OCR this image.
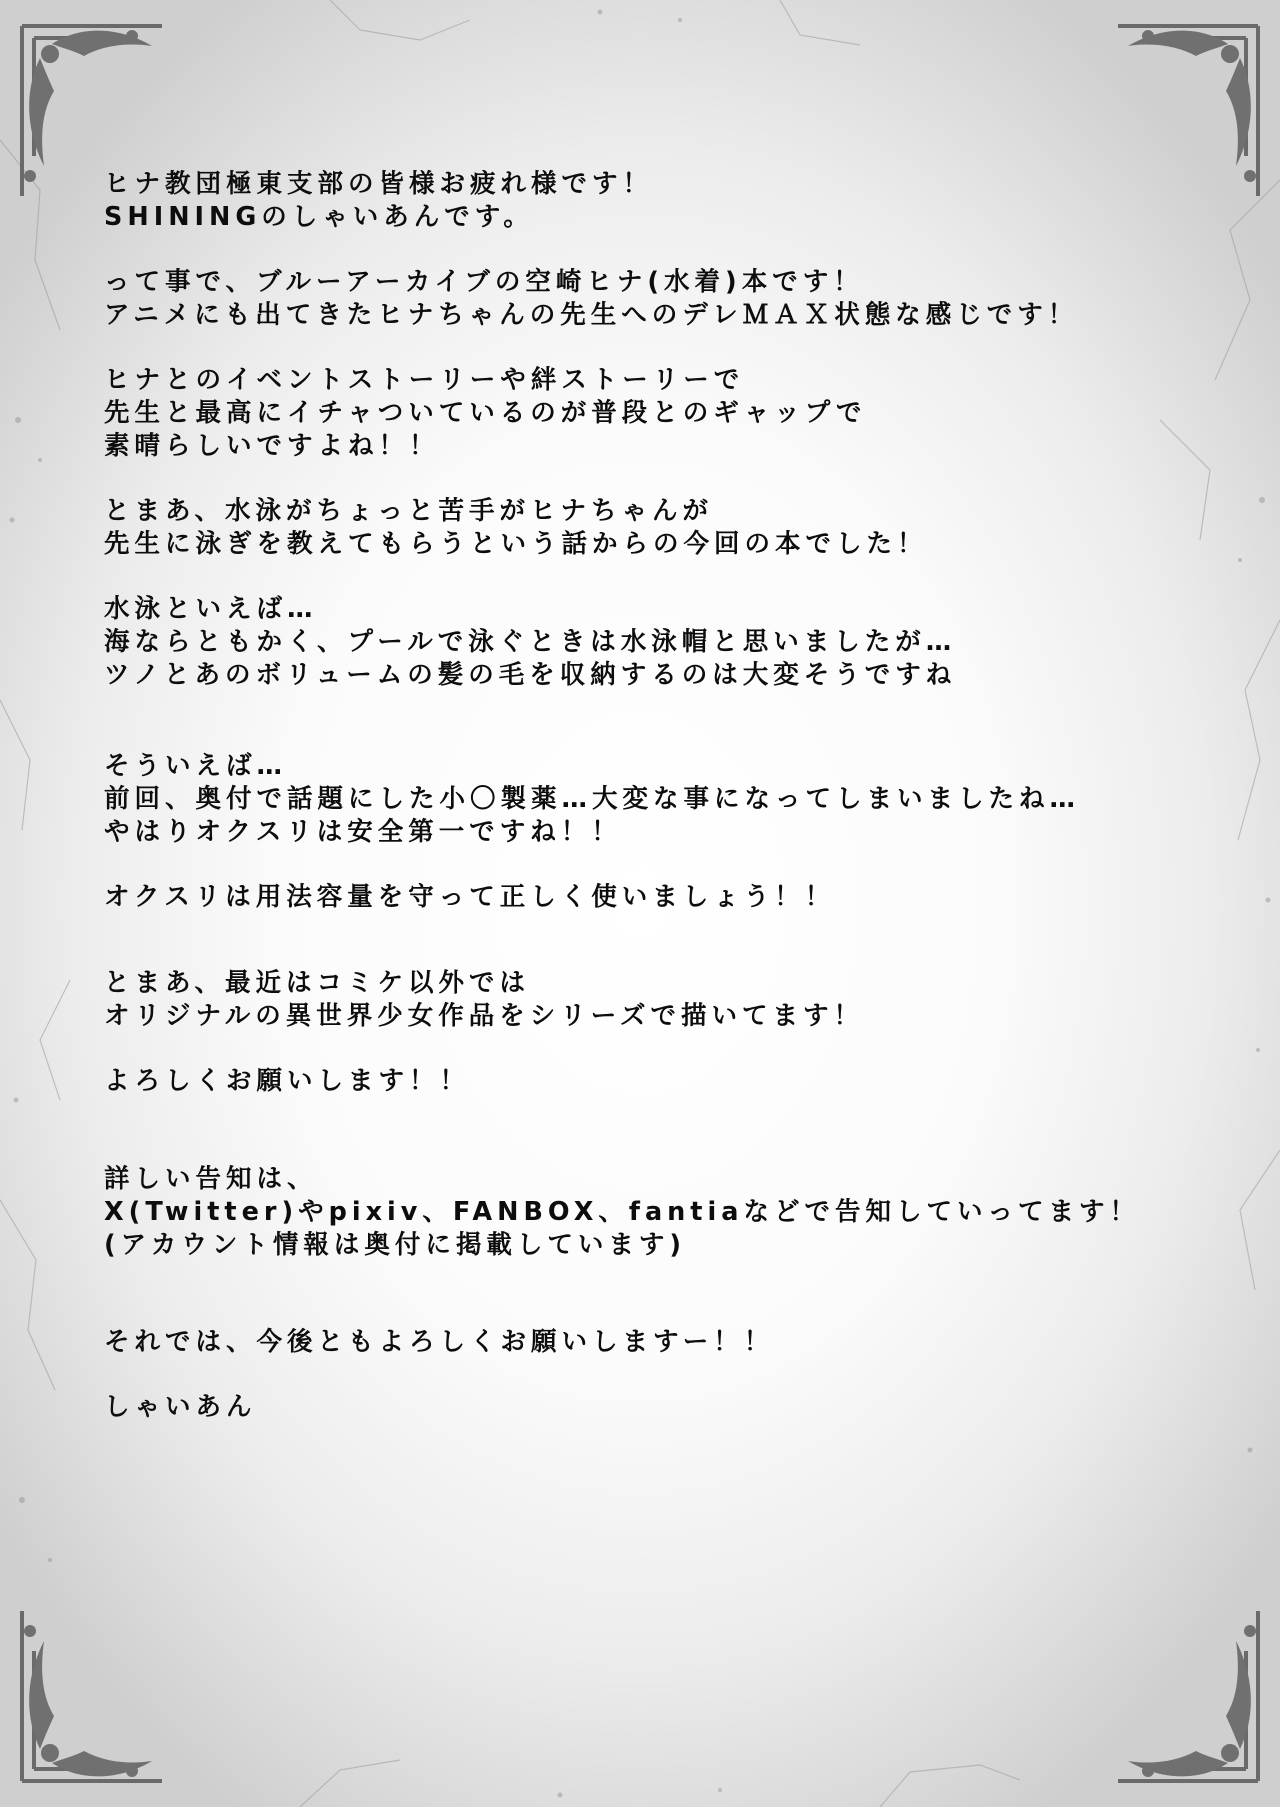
ヒナ教団極東支部の皆様お疲れ様です！
SHININGのしゃいあんです。
って事で、ブルーアーカイブの空崎ヒナ(水着)本です！
アニメにも出てきたヒナちゃんの先生へのデレＭＡＸ状態な感じです！
ヒナとのイベントストーリーや絆ストーリーで
先生と最高にイチャついているのが普段とのギャップで
素晴らしいですよね！！
とまあ、水泳がちょっと苦手がヒナちゃんが
先生に泳ぎを教えてもらうという話からの今回の本でした！
水泳といえば…
海ならともかく、プールで泳ぐときは水泳帽と思いましたが…
ツノとあのボリュームの髪の毛を収納するのは大変そうですね
そういえば…
前回、奥付で話題にした小〇製薬…大変な事になってしまいましたね…
やはりオクスリは安全第一ですね！！
オクスリは用法容量を守って正しく使いましょう！！
とまあ、最近はコミケ以外では
オリジナルの異世界少女作品をシリーズで描いてます！
よろしくお願いします！！
詳しい告知は、
X(Twitter)やpixiv、FANBOX、fantiaなどで告知していってます！
(アカウント情報は奥付に掲載しています)
それでは、今後ともよろしくお願いしますー！！
しゃいあん
